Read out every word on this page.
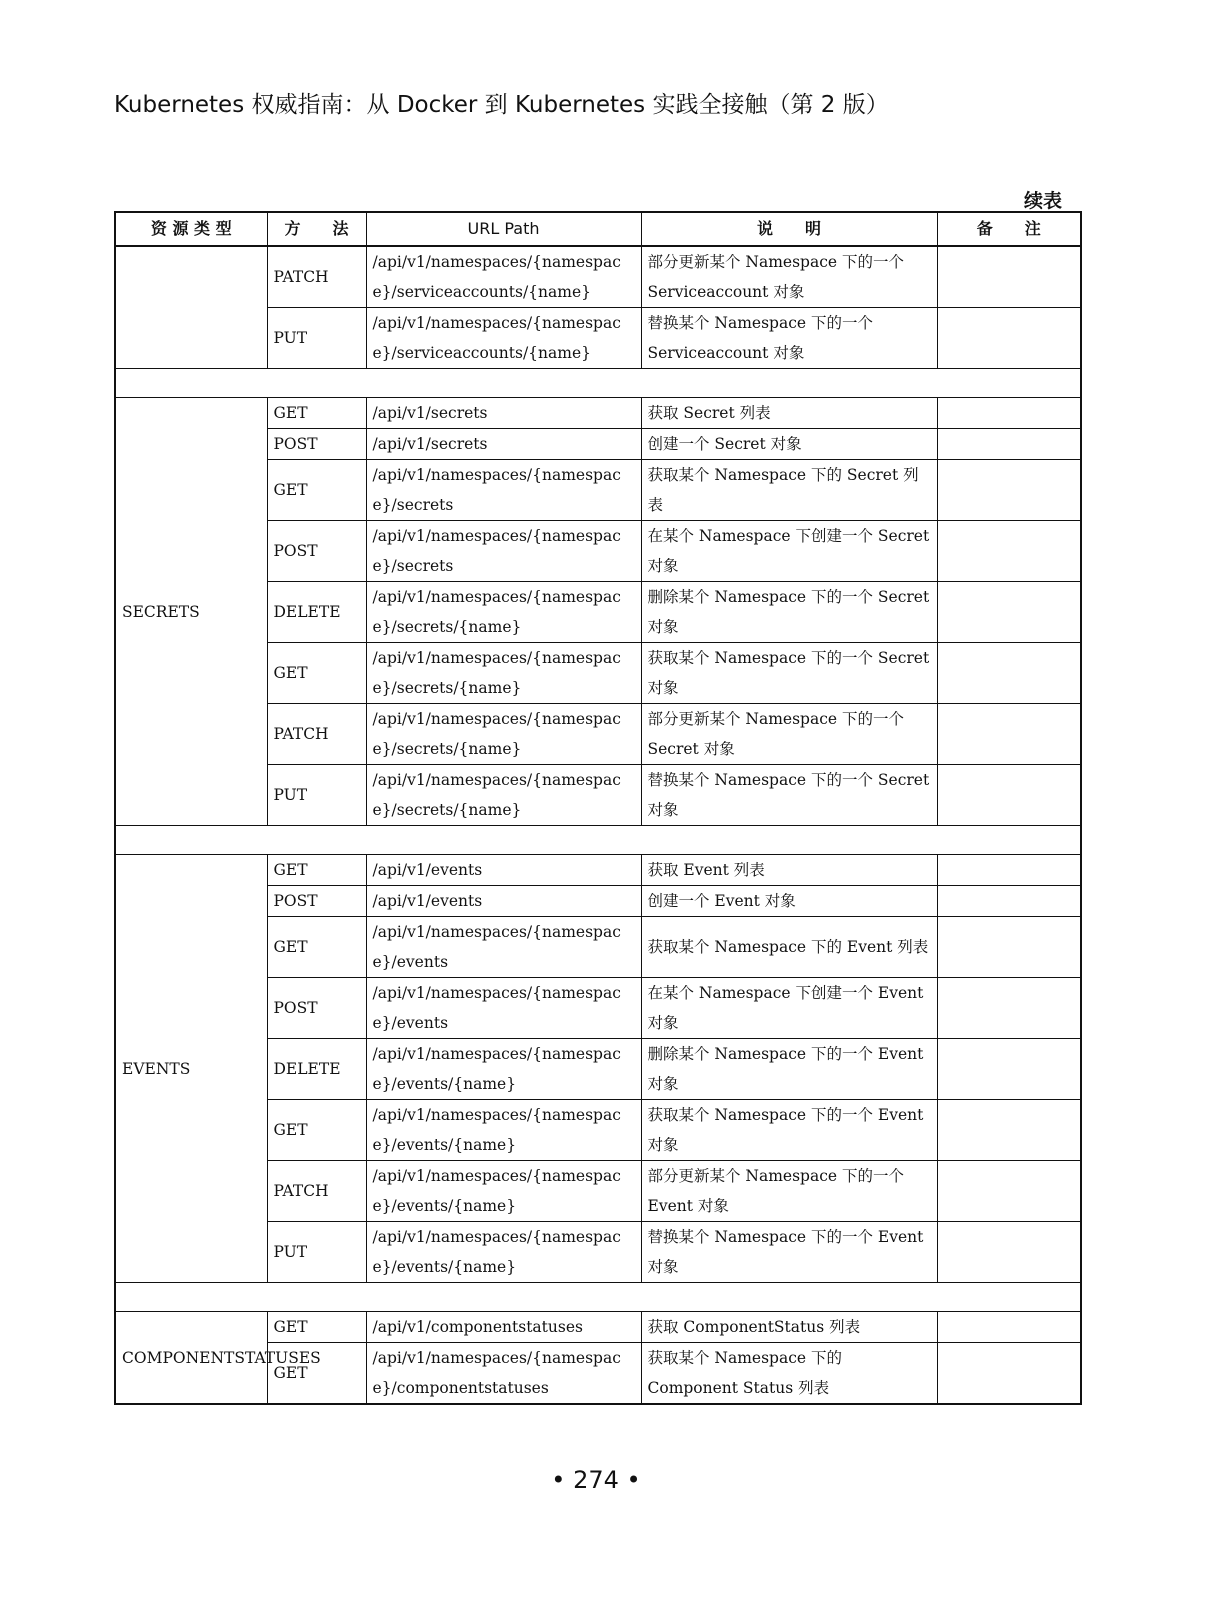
Kubernetes 权威指南：从 Docker 到 Kubernetes 实践全接触（第 2 版）
续表
资 源 类 型	方　　法	URL Path	说　　明	备　　注
	PATCH	/api/v1/namespaces/{namespace}/serviceaccounts/{name}	部分更新某个 Namespace 下的一个 Serviceaccount 对象	
	PUT	/api/v1/namespaces/{namespace}/serviceaccounts/{name}	替换某个 Namespace 下的一个 Serviceaccount 对象	

SECRETS	GET	/api/v1/secrets	获取 Secret 列表	
	POST	/api/v1/secrets	创建一个 Secret 对象	
	GET	/api/v1/namespaces/{namespace}/secrets	获取某个 Namespace 下的 Secret 列表	
	POST	/api/v1/namespaces/{namespace}/secrets	在某个 Namespace 下创建一个 Secret 对象	
	DELETE	/api/v1/namespaces/{namespace}/secrets/{name}	删除某个 Namespace 下的一个 Secret 对象	
	GET	/api/v1/namespaces/{namespace}/secrets/{name}	获取某个 Namespace 下的一个 Secret 对象	
	PATCH	/api/v1/namespaces/{namespace}/secrets/{name}	部分更新某个 Namespace 下的一个 Secret 对象	
	PUT	/api/v1/namespaces/{namespace}/secrets/{name}	替换某个 Namespace 下的一个 Secret 对象	

EVENTS	GET	/api/v1/events	获取 Event 列表	
	POST	/api/v1/events	创建一个 Event 对象	
	GET	/api/v1/namespaces/{namespace}/events	获取某个 Namespace 下的 Event 列表	
	POST	/api/v1/namespaces/{namespace}/events	在某个 Namespace 下创建一个 Event 对象	
	DELETE	/api/v1/namespaces/{namespace}/events/{name}	删除某个 Namespace 下的一个 Event 对象	
	GET	/api/v1/namespaces/{namespace}/events/{name}	获取某个 Namespace 下的一个 Event 对象	
	PATCH	/api/v1/namespaces/{namespace}/events/{name}	部分更新某个 Namespace 下的一个 Event 对象	
	PUT	/api/v1/namespaces/{namespace}/events/{name}	替换某个 Namespace 下的一个 Event 对象	

COMPONENTSTATUSES	GET	/api/v1/componentstatuses	获取 ComponentStatus 列表	
	GET	/api/v1/namespaces/{namespace}/componentstatuses	获取某个 Namespace 下的 Component Status 列表	
• 274 •
